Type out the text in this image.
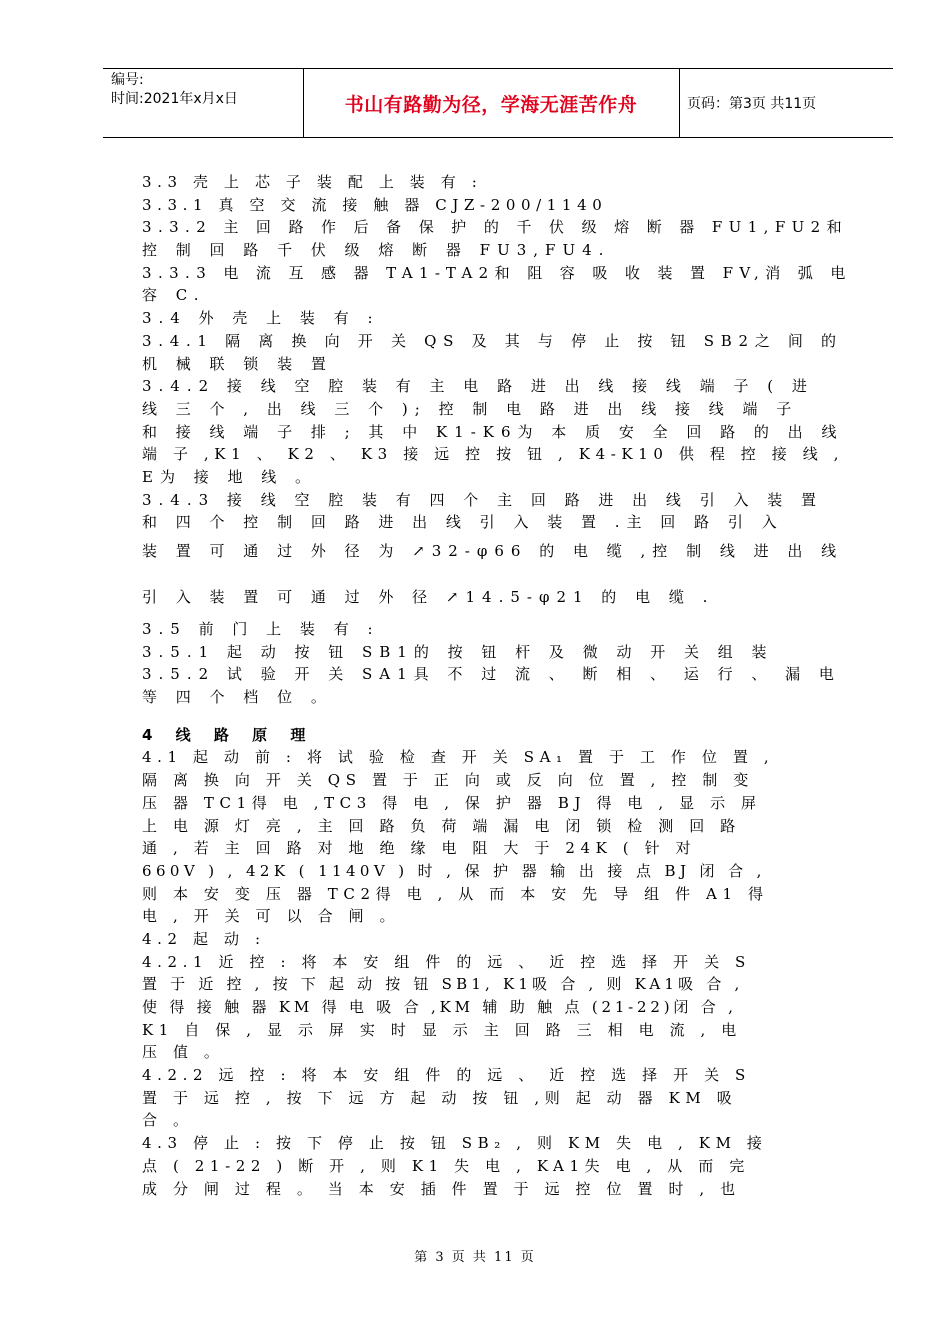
编号:
时间:2021年x月x日	书山有路勤为径，学海无涯苦作舟	页码：第3页 共11页
3.3 壳 上 芯 子 装 配 上 装 有 :
3.3.1 真 空 交 流 接 触 器 CJZ-200/1140
3.3.2 主 回 路 作 后 备 保 护 的 千 伏 级 熔 断 器 FU1,FU2和
控 制 回 路 千 伏 级 熔 断 器 FU3,FU4.
3.3.3 电 流 互 感 器 TA1-TA2和 阻 容 吸 收 装 置 FV,消 弧 电
容 C.
3.4 外 壳 上 装 有 :
3.4.1 隔 离 换 向 开 关 QS 及 其 与 停 止 按 钮 SB2之 间 的
机 械 联 锁 装 置
3.4.2 接 线 空 腔 装 有 主 电 路 进 出 线 接 线 端 子 ( 进
线 三 个 , 出 线 三 个 ); 控 制 电 路 进 出 线 接 线 端 子
和 接 线 端 子 排 ; 其 中 K1-K6为 本 质 安 全 回 路 的 出 线
端 子 ,K1 、 K2 、 K3 接 远 控 按 钮 , K4-K10 供 程 控 接 线 ,
E为 接 地 线 。
3.4.3 接 线 空 腔 装 有 四 个 主 回 路 进 出 线 引 入 装 置
和 四 个 控 制 回 路 进 出 线 引 入 装 置 .主 回 路 引 入
装 置 可 通 过 外 径 为 ↗32-φ66 的 电 缆 ,控 制 线 进 出 线
引 入 装 置 可 通 过 外 径 ↗14.5-φ21 的 电 缆 .
3.5 前 门 上 装 有 :
3.5.1 起 动 按 钮 SB1的 按 钮 杆 及 微 动 开 关 组 装
3.5.2 试 验 开 关 SA1具 不 过 流 、 断 相 、 运 行 、 漏 电
等 四 个 档 位 。
4 线 路 原 理
4.1 起 动 前 : 将 试 验 检 查 开 关 SA₁ 置 于 工 作 位 置 ,
隔 离 换 向 开 关 QS 置 于 正 向 或 反 向 位 置 , 控 制 变
压 器 TC1得 电 ,TC3 得 电 , 保 护 器 BJ 得 电 , 显 示 屏
上 电 源 灯 亮 , 主 回 路 负 荷 端 漏 电 闭 锁 检 测 回 路
通 , 若 主 回 路 对 地 绝 缘 电 阻 大 于 24K ( 针 对
660V ) , 42K ( 1140V ) 时 , 保 护 器 输 出 接 点 BJ 闭 合 ,
则 本 安 变 压 器 TC2得 电 , 从 而 本 安 先 导 组 件 A1 得
电 , 开 关 可 以 合 闸 。
4.2 起 动 :
4.2.1 近 控 : 将 本 安 组 件 的 远 、 近 控 选 择 开 关 S
置 于 近 控 , 按 下 起 动 按 钮 SB1, K1吸 合 , 则 KA1吸 合 ,
使 得 接 触 器 KM 得 电 吸 合 ,KM 辅 助 触 点 (21-22)闭 合 ,
K1 自 保 , 显 示 屏 实 时 显 示 主 回 路 三 相 电 流 , 电
压 值 。
4.2.2 远 控 : 将 本 安 组 件 的 远 、 近 控 选 择 开 关 S
置 于 远 控 , 按 下 远 方 起 动 按 钮 ,则 起 动 器 KM 吸
合 。
4.3 停 止 : 按 下 停 止 按 钮 SB₂ , 则 KM 失 电 , KM 接
点 ( 21-22 ) 断 开 , 则 K1 失 电 , KA1失 电 , 从 而 完
成 分 闸 过 程 。 当 本 安 插 件 置 于 远 控 位 置 时 , 也
第 3 页 共 11 页
